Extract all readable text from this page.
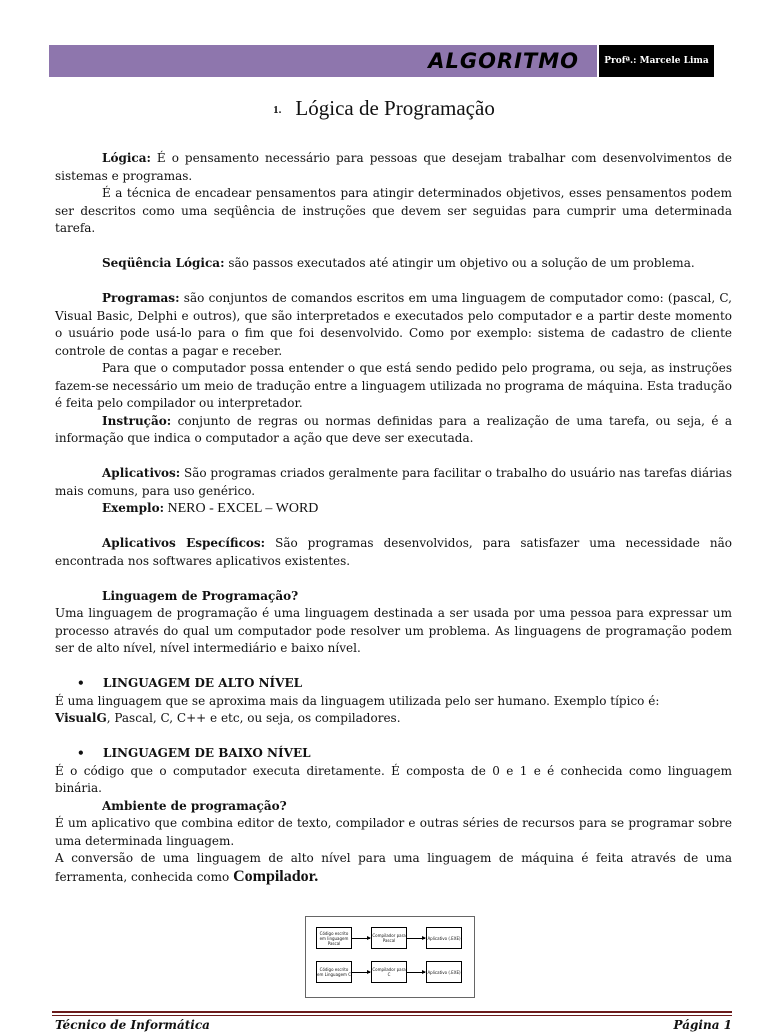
ALGORITMO	Profª.: Marcele Lima
1. Lógica de Programação

Lógica: É o pensamento necessário para pessoas que desejam trabalhar com desenvolvimentos de sistemas e programas.

É a técnica de encadear pensamentos para atingir determinados objetivos, esses pensamentos podem ser descritos como uma seqüência de instruções que devem ser seguidas para cumprir uma determinada tarefa.

Seqüência Lógica: são passos executados até atingir um objetivo ou a solução de um problema.

Programas: são conjuntos de comandos escritos em uma linguagem de computador como: (pascal, C, Visual Basic, Delphi e outros), que são interpretados e executados pelo computador e a partir deste momento o usuário pode usá-lo para o fim que foi desenvolvido. Como por exemplo: sistema de cadastro de cliente controle de contas a pagar e receber.

Para que o computador possa entender o que está sendo pedido pelo programa, ou seja, as instruções fazem-se necessário um meio de tradução entre a linguagem utilizada no programa de máquina. Esta tradução é feita pelo compilador ou interpretador.

Instrução: conjunto de regras ou normas definidas para a realização de uma tarefa, ou seja, é a informação que indica o computador a ação que deve ser executada.

Aplicativos: São programas criados geralmente para facilitar o trabalho do usuário nas tarefas diárias mais comuns, para uso genérico.

Exemplo: NERO - EXCEL – WORD

Aplicativos Específicos: São programas desenvolvidos, para satisfazer uma necessidade não encontrada nos softwares aplicativos existentes.

Linguagem de Programação?

Uma linguagem de programação é uma linguagem destinada a ser usada por uma pessoa para expressar um processo através do qual um computador pode resolver um problema. As linguagens de programação podem ser de alto nível, nível intermediário e baixo nível.

• LINGUAGEM DE ALTO NÍVEL

É uma linguagem que se aproxima mais da linguagem utilizada pelo ser humano. Exemplo típico é:
VisualG, Pascal, C, C++ e etc, ou seja, os compiladores.

• LINGUAGEM DE BAIXO NÍVEL

É o código que o computador executa diretamente. É composta de 0 e 1 e é conhecida como linguagem binária.

Ambiente de programação?

É um aplicativo que combina editor de texto, compilador e outras séries de recursos para se programar sobre uma determinada linguagem.

A conversão de uma linguagem de alto nível para uma linguagem de máquina é feita através de uma ferramenta, conhecida como Compilador.

Código escrito em linguagem Pascal
Compilador para Pascal	Aplicativo (.EXE)
Código escrito em Linguagem C
Compilador para C	Aplicativo (.EXE)
Técnico de Informática	Página 1
